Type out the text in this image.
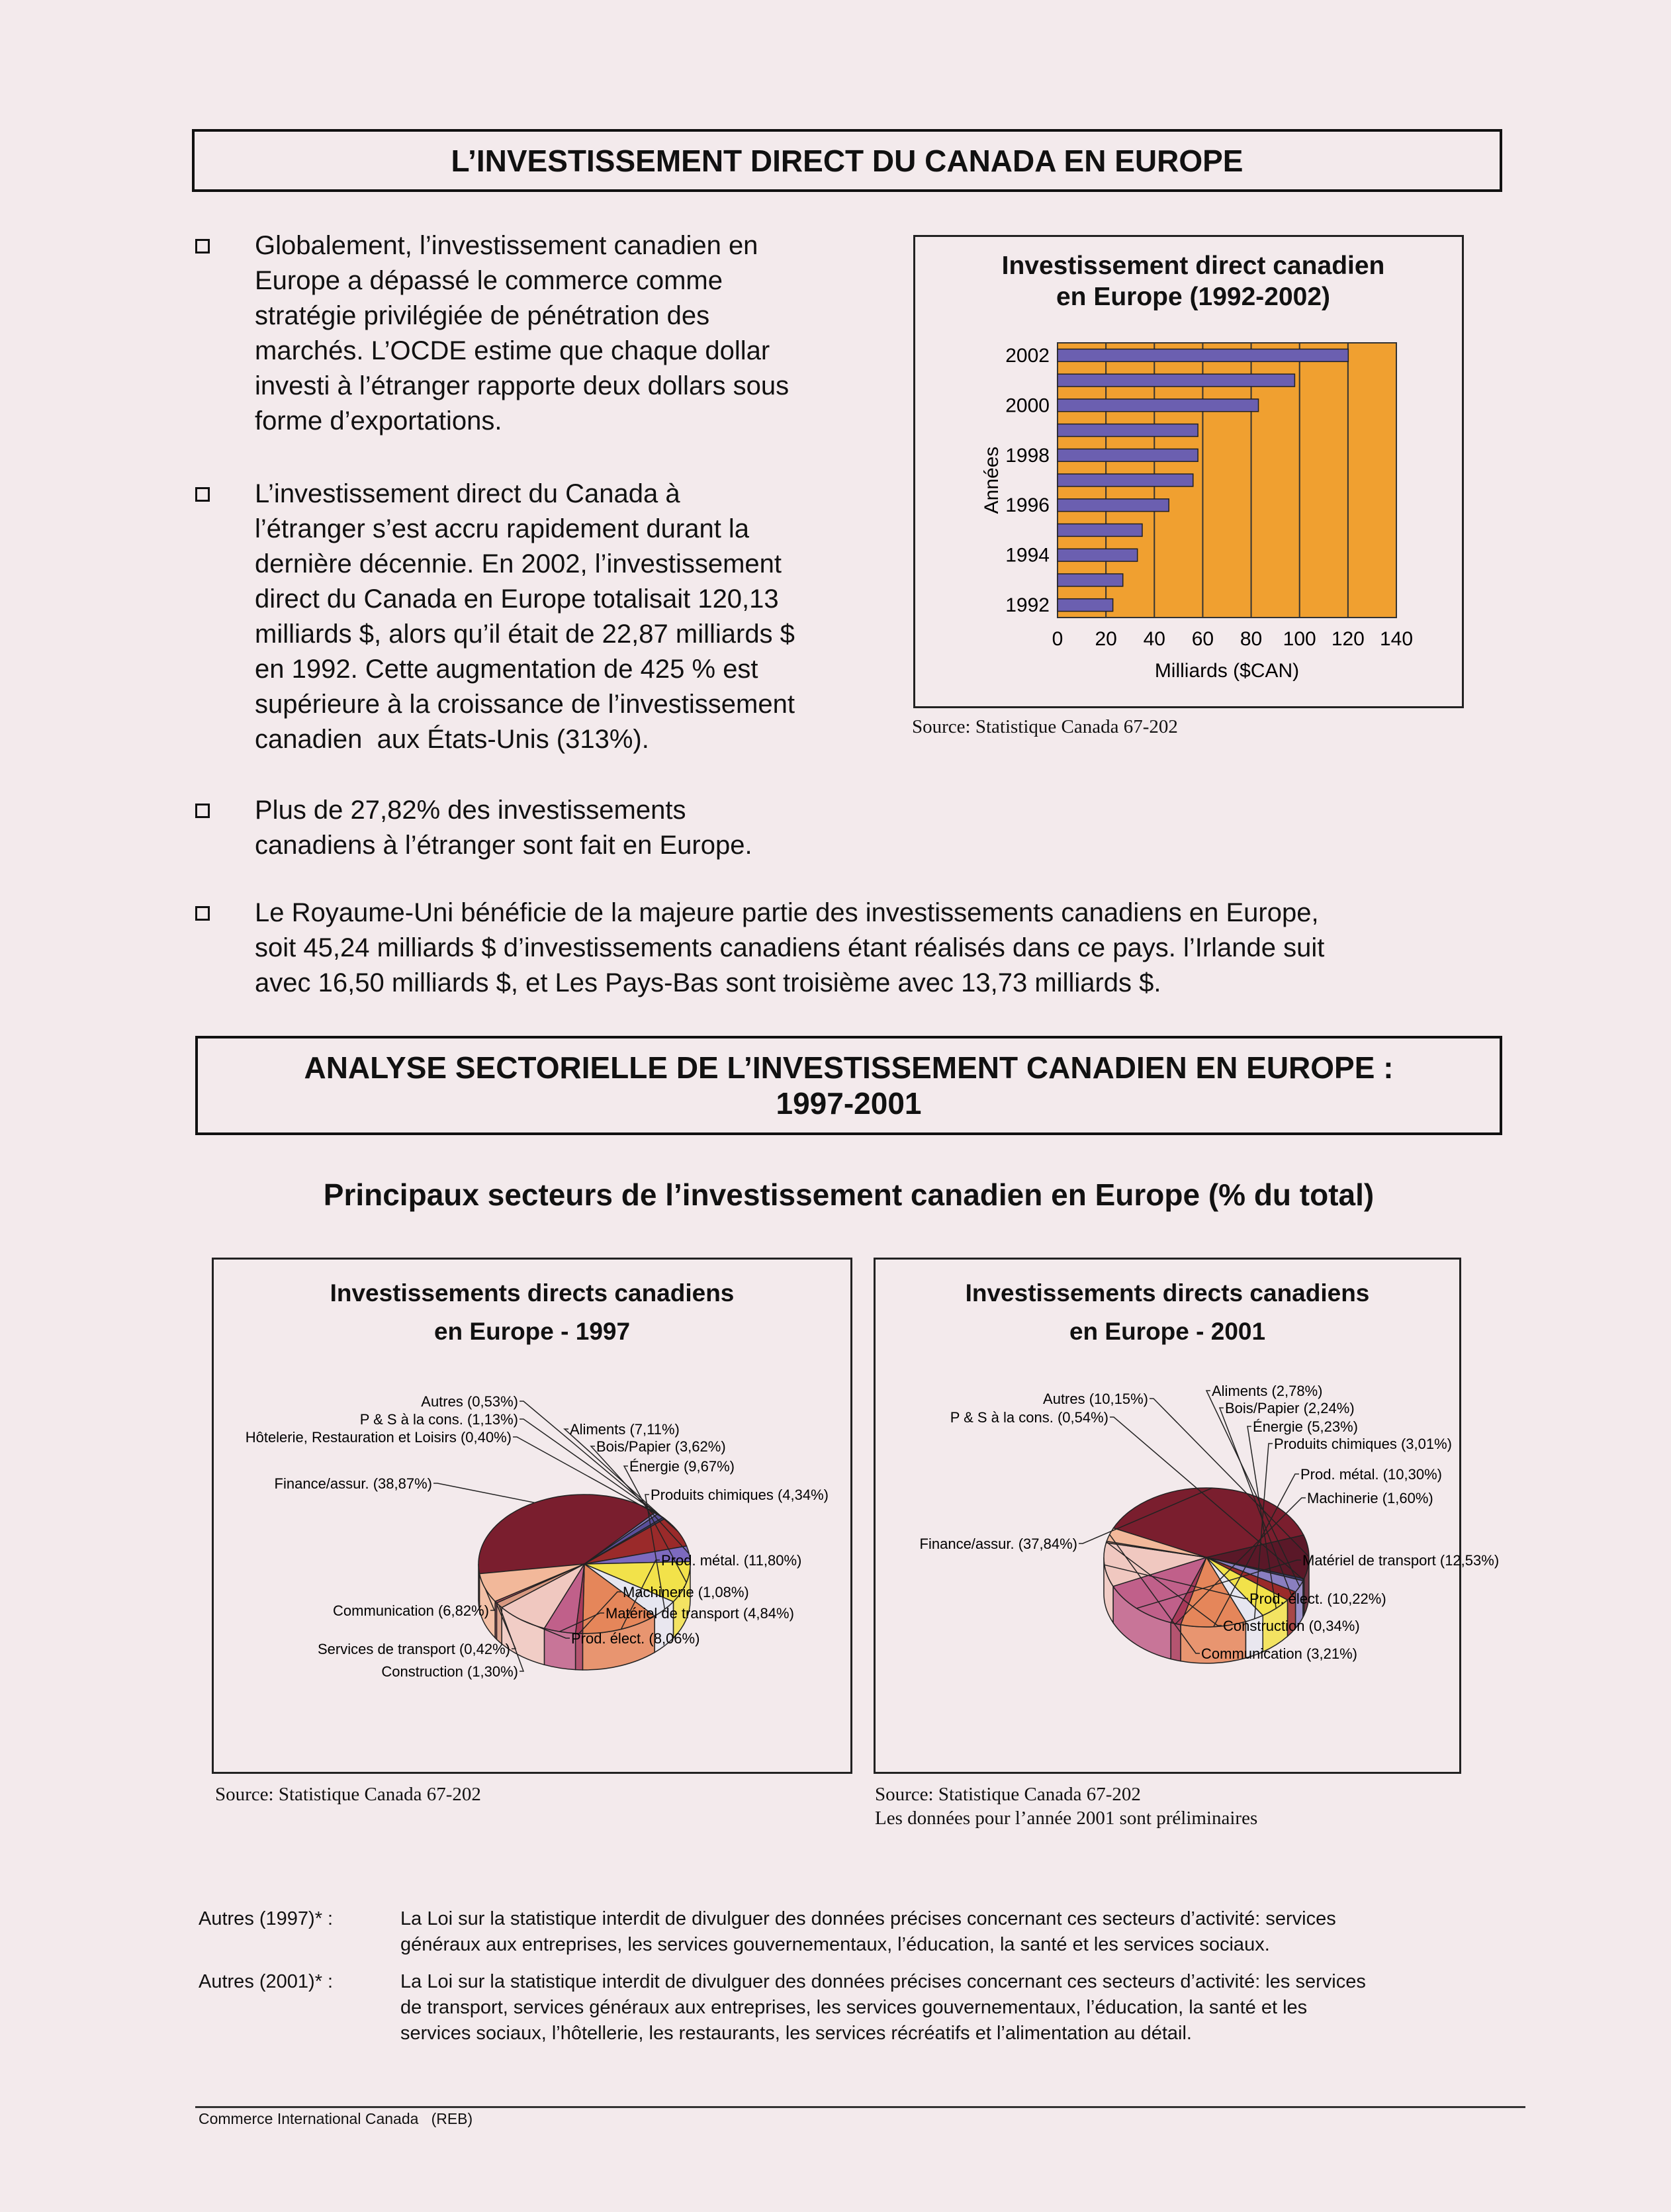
L’INVESTISSEMENT DIRECT DU CANADA EN EUROPE
Globalement, l’investissement canadien en
Europe a dépassé le commerce comme
stratégie privilégiée de pénétration des
marchés. L’OCDE estime que chaque dollar
investi à l’étranger rapporte deux dollars sous
forme d’exportations.
L’investissement direct du Canada à
l’étranger s’est accru rapidement durant la
dernière décennie. En 2002, l’investissement
direct du Canada en Europe totalisait 120,13
milliards $, alors qu’il était de 22,87 milliards $
en 1992. Cette augmentation de 425 % est
supérieure à la croissance de l’investissement
canadien  aux États-Unis (313%).
Plus de 27,82% des investissements
canadiens à l’étranger sont fait en Europe.
Le Royaume-Uni bénéficie de la majeure partie des investissements canadiens en Europe,
soit 45,24 milliards $ d’investissements canadiens étant réalisés dans ce pays. l’Irlande suit
avec 16,50 milliards $, et Les Pays-Bas sont troisième avec 13,73 milliards $.
Investissement direct canadien
en Europe (1992-2002)
0 20 40 60 80 100 120 140
2002
2000
1998
1996
1994
1992
Années
Milliards ($CAN)
Source: Statistique Canada 67-202
ANALYSE SECTORIELLE DE L’INVESTISSEMENT CANADIEN EN EUROPE :
1997-2001
Principaux secteurs de l’investissement canadien en Europe (% du total)
Investissements directs canadiens
en Europe - 1997
Finance/assur. (38,87%)
Autres (0,53%)
P & S à la cons. (1,13%)
Hôtelerie, Restauration et Loisirs (0,40%)	Aliments (7,11%)
Bois/Papier (3,62%)
Énergie (9,67%)
Produits chimiques (4,34%)
Prod. métal. (11,80%)
Machinerie (1,08%)
Matériel de transport (4,84%)
Prod. élect. (8,06%)
Construction (1,30%)
Services de transport (0,42%)
Communication (6,82%)
Source: Statistique Canada 67-202
Investissements directs canadiens
en Europe - 2001
Finance/assur. (37,84%)
Autres (10,15%)
P & S à la cons. (0,54%)
Aliments (2,78%)
Bois/Papier (2,24%)
Énergie (5,23%)
Produits chimiques (3,01%)
Prod. métal. (10,30%)
Machinerie (1,60%)
Matériel de transport (12,53%)
Prod. élect. (10,22%)
Construction (0,34%)
Communication (3,21%)
Source: Statistique Canada 67-202
Les données pour l’année 2001 sont préliminaires
Autres (1997)* :	La Loi sur la statistique interdit de divulguer des données précises concernant ces secteurs d’activité: services
généraux aux entreprises, les services gouvernementaux, l’éducation, la santé et les services sociaux.
Autres (2001)* :	La Loi sur la statistique interdit de divulguer des données précises concernant ces secteurs d’activité: les services
de transport, services généraux aux entreprises, les services gouvernementaux, l’éducation, la santé et les
services sociaux, l’hôtellerie, les restaurants, les services récréatifs et l’alimentation au détail.
Commerce International Canada   (REB)
